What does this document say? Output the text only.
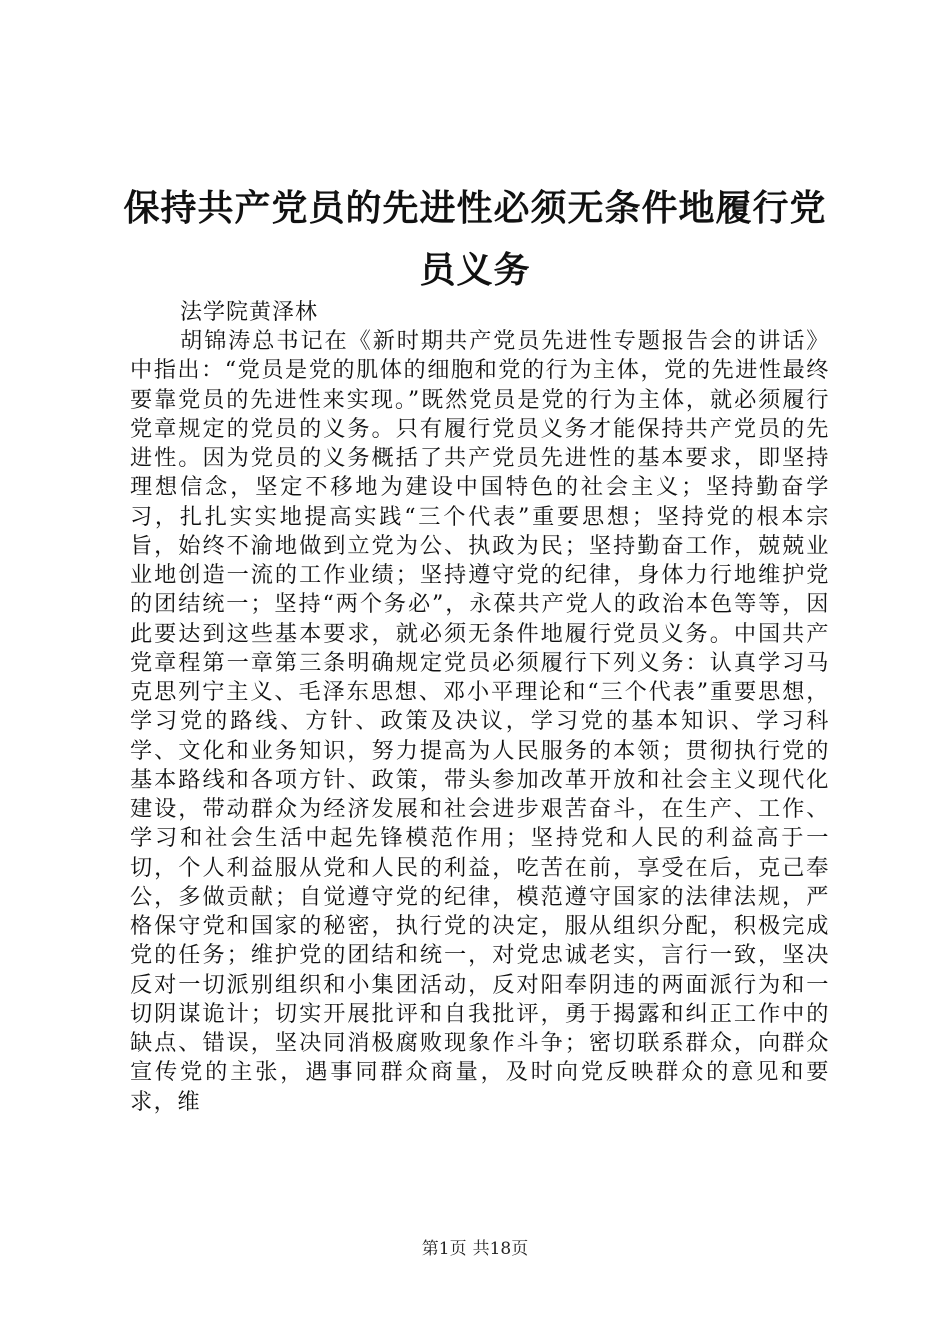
保持共产党员的先进性必须无条件地履行党员义务

法学院黄泽林

胡锦涛总书记在《新时期共产党员先进性专题报告会的讲话》中指出：“党员是党的肌体的细胞和党的行为主体，党的先进性最终要靠党员的先进性来实现。”既然党员是党的行为主体，就必须履行党章规定的党员的义务。只有履行党员义务才能保持共产党员的先进性。因为党员的义务概括了共产党员先进性的基本要求，即坚持理想信念，坚定不移地为建设中国特色的社会主义；坚持勤奋学习，扎扎实实地提高实践“三个代表”重要思想；坚持党的根本宗旨，始终不渝地做到立党为公、执政为民；坚持勤奋工作，兢兢业业地创造一流的工作业绩；坚持遵守党的纪律，身体力行地维护党的团结统一；坚持“两个务必”，永葆共产党人的政治本色等等，因此要达到这些基本要求，就必须无条件地履行党员义务。中国共产党章程第一章第三条明确规定党员必须履行下列义务：认真学习马克思列宁主义、毛泽东思想、邓小平理论和“三个代表”重要思想，学习党的路线、方针、政策及决议，学习党的基本知识、学习科学、文化和业务知识，努力提高为人民服务的本领；贯彻执行党的基本路线和各项方针、政策，带头参加改革开放和社会主义现代化建设，带动群众为经济发展和社会进步艰苦奋斗，在生产、工作、学习和社会生活中起先锋模范作用；坚持党和人民的利益高于一切，个人利益服从党和人民的利益，吃苦在前，享受在后，克己奉公，多做贡献；自觉遵守党的纪律，模范遵守国家的法律法规，严格保守党和国家的秘密，执行党的决定，服从组织分配，积极完成党的任务；维护党的团结和统一，对党忠诚老实，言行一致，坚决反对一切派别组织和小集团活动，反对阳奉阴违的两面派行为和一切阴谋诡计；切实开展批评和自我批评，勇于揭露和纠正工作中的缺点、错误，坚决同消极腐败现象作斗争；密切联系群众，向群众宣传党的主张，遇事同群众商量，及时向党反映群众的意见和要求，维

第1页 共18页
